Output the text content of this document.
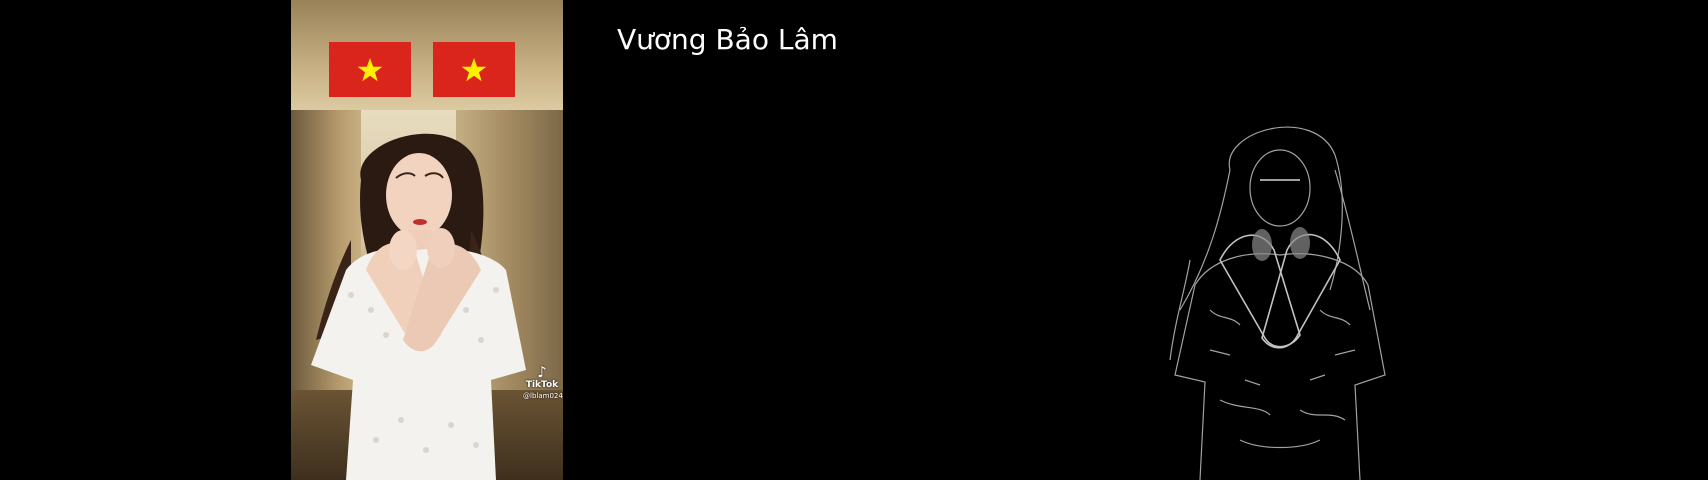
♪
TikTok
@lblam024
Vương Bảo Lâm
